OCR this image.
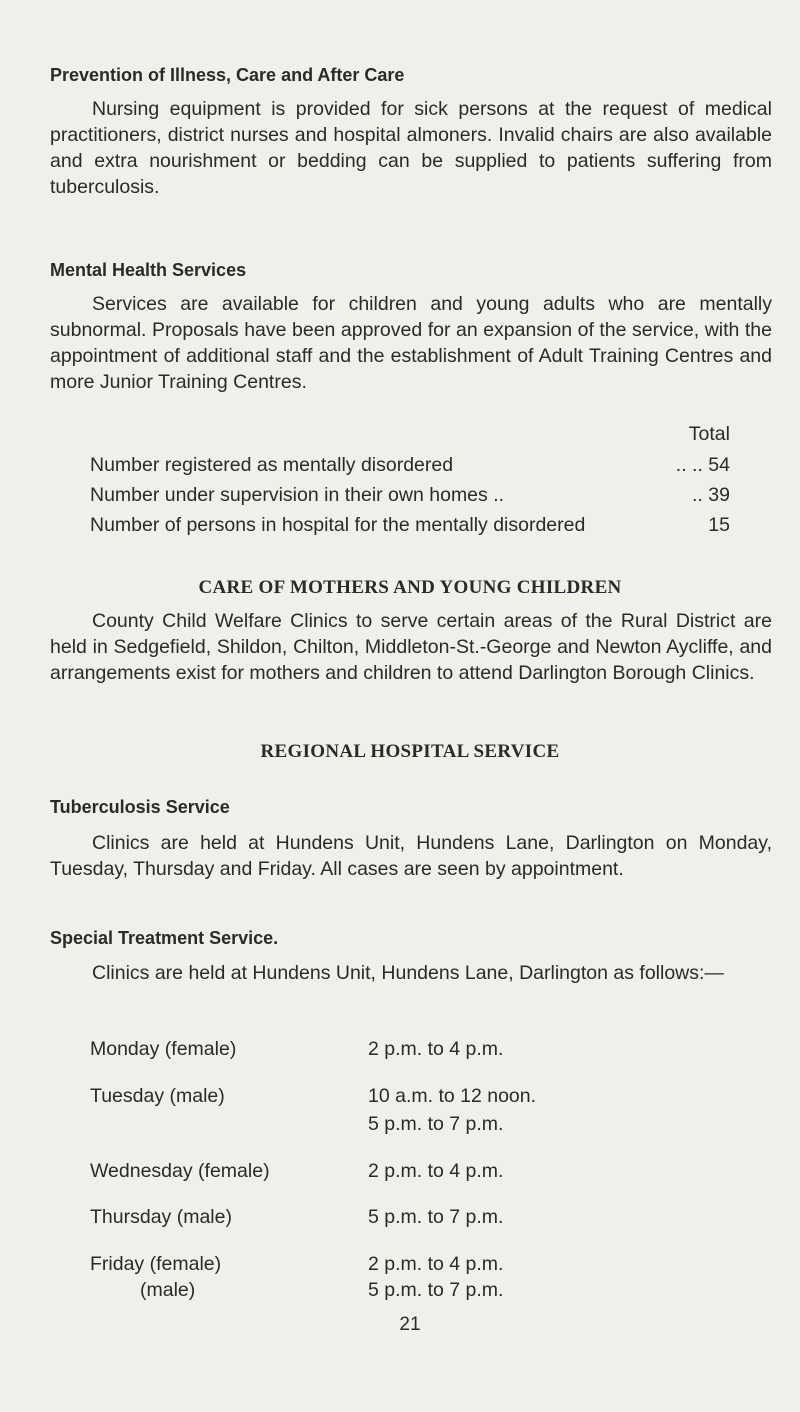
Prevention of Illness, Care and After Care

Nursing equipment is provided for sick persons at the request of medical practitioners, district nurses and hospital almoners. Invalid chairs are also available and extra nourishment or bedding can be supplied to patients suffering from tuberculosis.

Mental Health Services

Services are available for children and young adults who are mentally subnormal. Proposals have been approved for an expansion of the service, with the appointment of additional staff and the establishment of Adult Training Centres and more Junior Training Centres.

Total
Number registered as mentally disordered	.. .. 54
Number under supervision in their own homes ..	.. 39
Number of persons in hospital for the mentally disordered	15
CARE OF MOTHERS AND YOUNG CHILDREN

County Child Welfare Clinics to serve certain areas of the Rural District are held in Sedgefield, Shildon, Chilton, Middleton-St.-George and Newton Aycliffe, and arrangements exist for mothers and children to attend Darlington Borough Clinics.

REGIONAL HOSPITAL SERVICE
Tuberculosis Service

Clinics are held at Hundens Unit, Hundens Lane, Darlington on Monday, Tuesday, Thursday and Friday. All cases are seen by appointment.

Special Treatment Service.

Clinics are held at Hundens Unit, Hundens Lane, Darlington as follows:—

Monday (female)	2 p.m. to 4 p.m.
Tuesday (male)	10 a.m. to 12 noon.
5 p.m. to 7 p.m.
Wednesday (female)	2 p.m. to 4 p.m.
Thursday (male)	5 p.m. to 7 p.m.
Friday (female)	2 p.m. to 4 p.m.
(male)	5 p.m. to 7 p.m.
21
